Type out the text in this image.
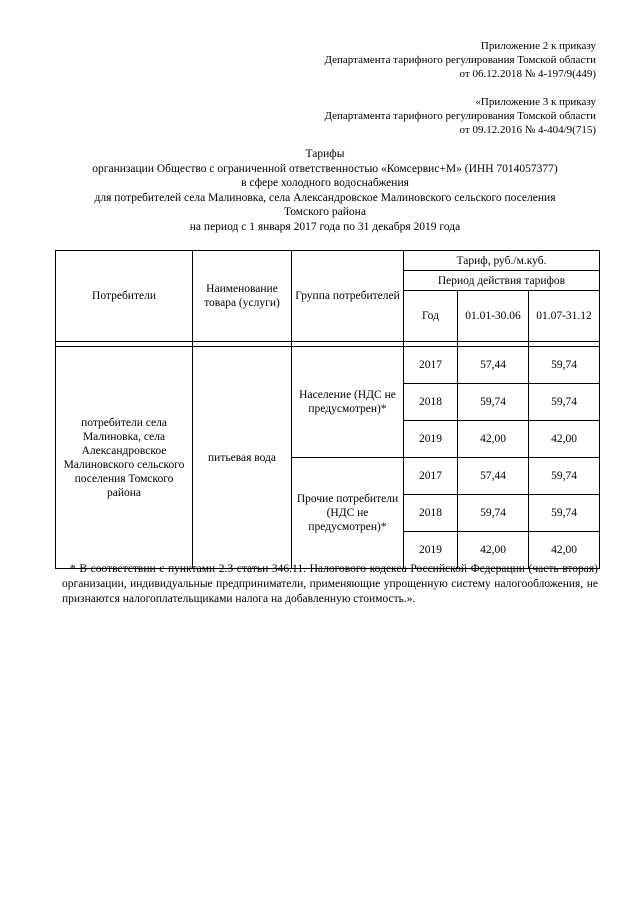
Приложение 2 к приказу
Департамента тарифного регулирования Томской области
от 06.12.2018 № 4-197/9(449)
«Приложение 3 к приказу
Департамента тарифного регулирования Томской области
от 09.12.2016 № 4-404/9(715)
Тарифы
организации Общество с ограниченной ответственностью «Комсервис+М» (ИНН 7014057377)
в сфере холодного водоснабжения
для потребителей села Малиновка, села Александровское Малиновского сельского поселения
Томского района
на период с 1 января 2017 года по 31 декабря 2019 года
Потребители	Наименование товара (услуги)	Группа потребителей	Тариф, руб./м.куб.		
			Период действия тарифов		
			Год	01.01-30.06	01.07-31.12

потребители села Малиновка, села Александровское Малиновского сельского поселения Томского района	питьевая вода	Население (НДС не предусмотрен)*	2017	57,44	59,74
			2018	59,74	59,74
			2019	42,00	42,00
		Прочие потребители (НДС не предусмотрен)*	2017	57,44	59,74
			2018	59,74	59,74
			2019	42,00	42,00
* В соответствии с пунктами 2.3 статьи 346.11. Налогового кодекса Российской Федерации (часть вторая) организации, индивидуальные предприниматели, применяющие упрощенную систему налогообложения, не признаются налогоплательщиками налога на добавленную стоимость.».
